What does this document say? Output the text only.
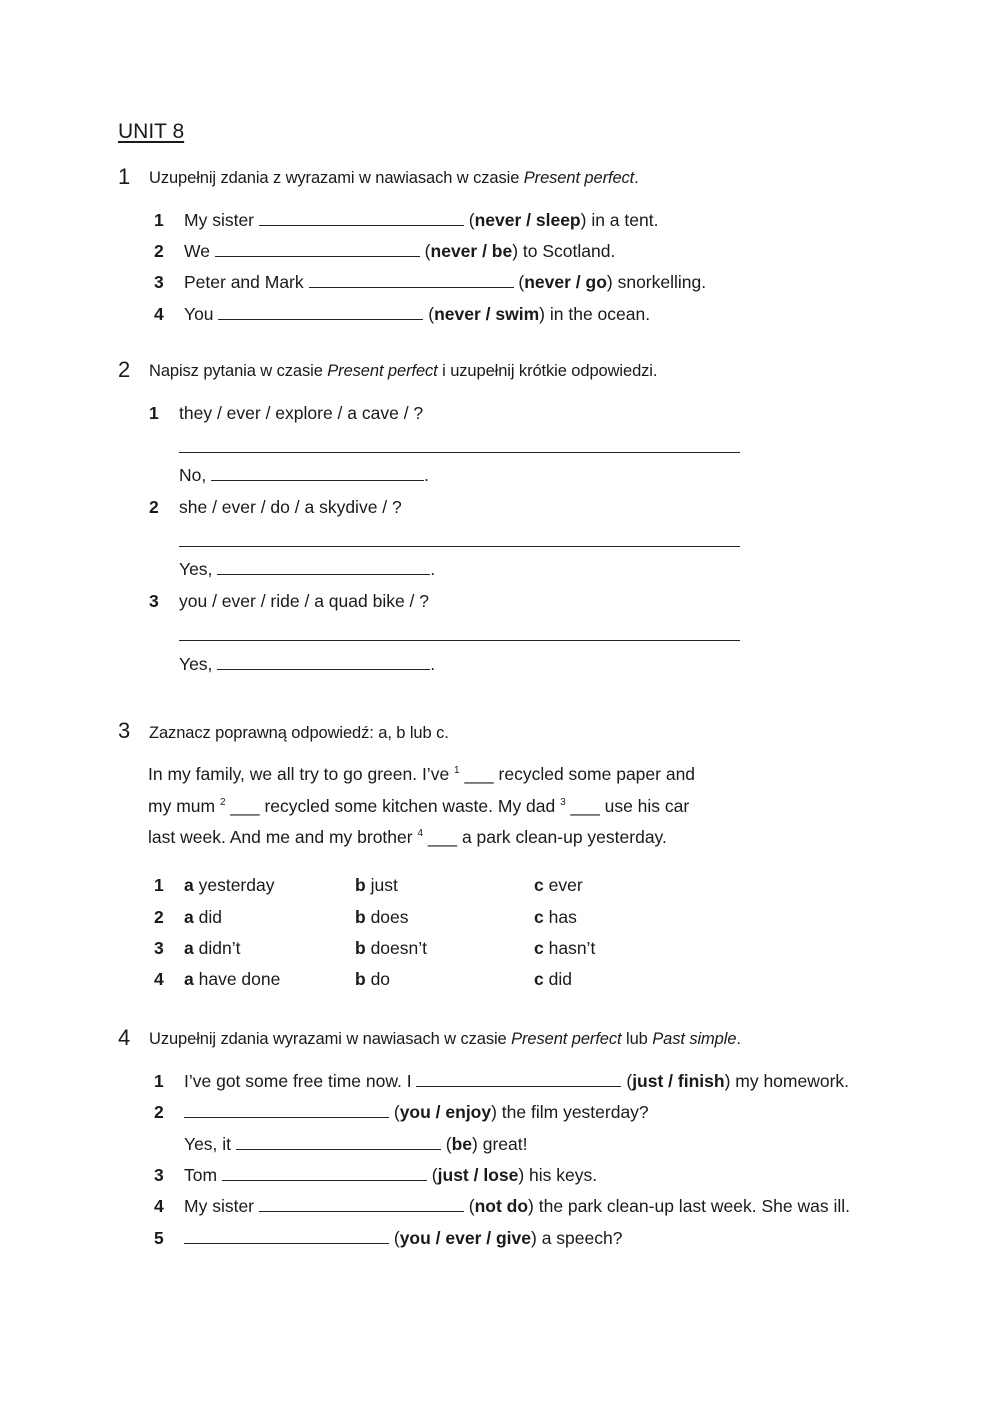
UNIT 8
1 Uzupełnij zdania z wyrazami w nawiasach w czasie Present perfect.
1	My sister	(never / sleep) in a tent.
2	We	(never / be) to Scotland.
3	Peter and Mark	(never / go) snorkelling.
4	You	(never / swim) in the ocean.
2 Napisz pytania w czasie Present perfect i uzupełnij krótkie odpowiedzi.
1	they / ever / explore / a cave / ?
No,	.
2	she / ever / do / a skydive / ?
Yes,	.
3	you / ever / ride / a quad bike / ?
Yes,	.
3 Zaznacz poprawną odpowiedź: a, b lub c.
In my family, we all try to go green. I’ve $^1$ ___ recycled some paper and
my mum $^2$ ___ recycled some kitchen waste. My dad $^3$ ___ use his car
last week. And me and my brother $^4$ ___ a park clean-up yesterday.
1	a yesterday	b just	c ever
2	a did	b does	c has
3	a didn’t	b doesn’t	c hasn’t
4	a have done	b do	c did
4 Uzupełnij zdania wyrazami w nawiasach w czasie Present perfect lub Past simple.
1	I’ve got some free time now. I	(just / finish) my homework.
2	(you / enjoy) the film yesterday?
Yes, it	(be) great!
3	Tom	(just / lose) his keys.
4	My sister	(not do) the park clean-up last week. She was ill.
5	(you / ever / give) a speech?
